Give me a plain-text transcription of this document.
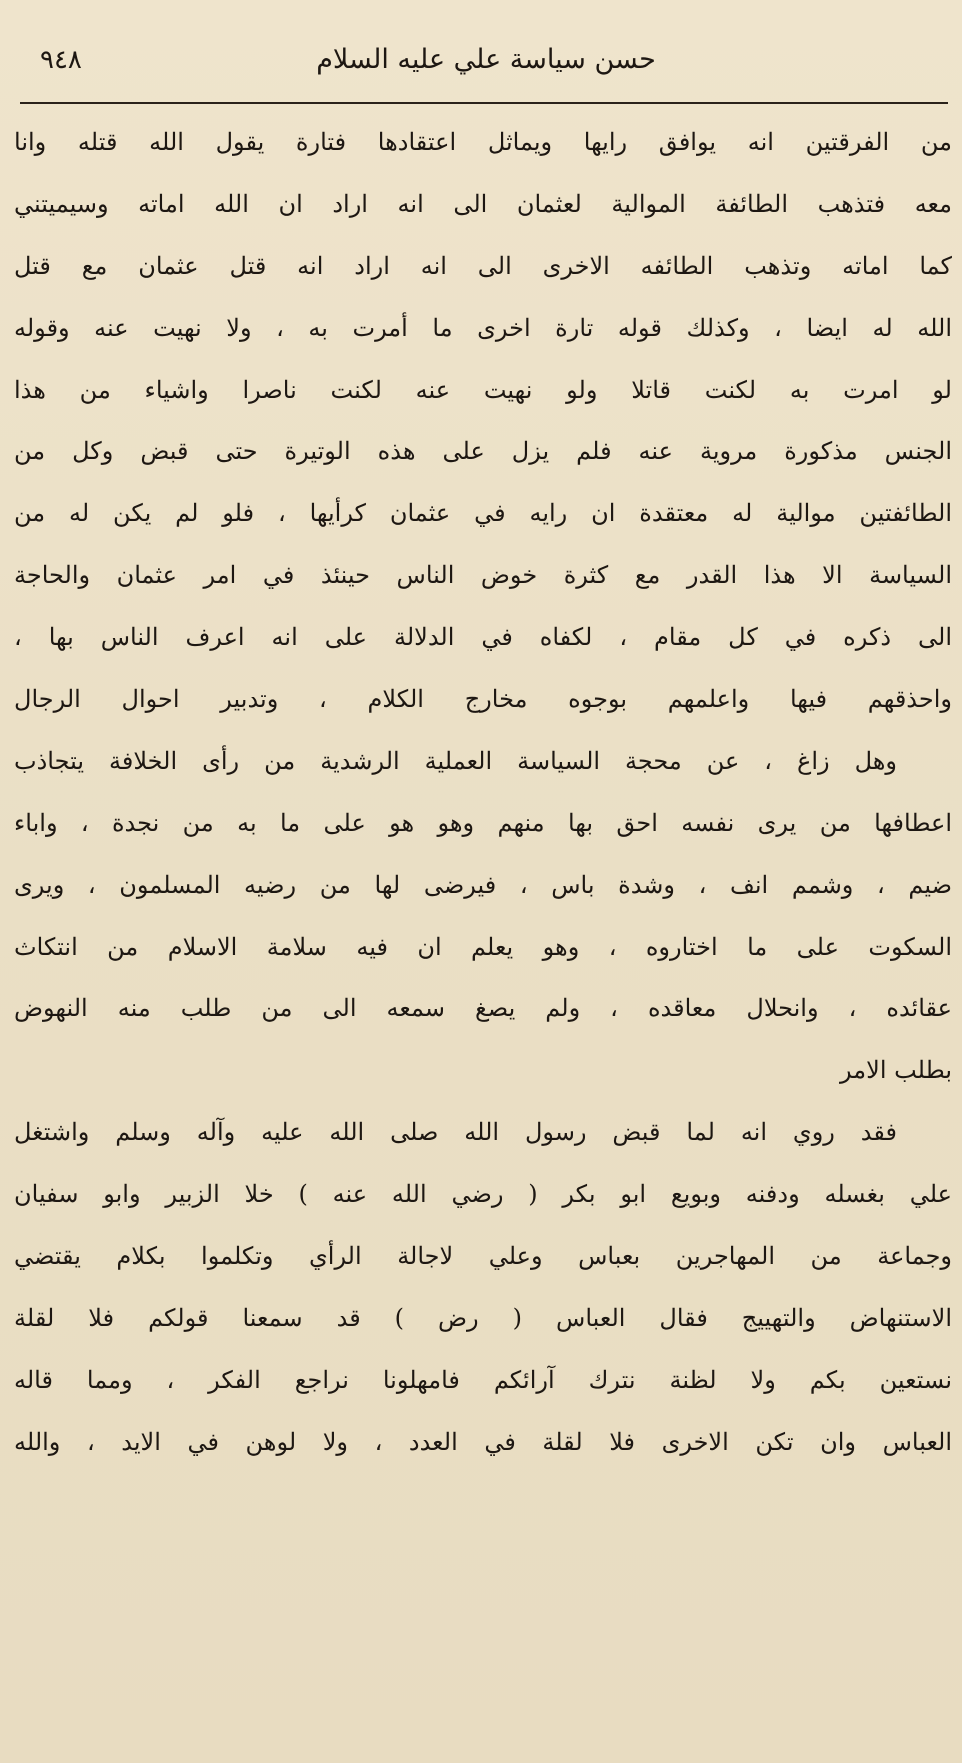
حسن سياسة علي عليه السلام
٩٤٨
من الفرقتين انه يوافق رايها ويماثل اعتقادها فتارة يقول الله قتله وانا
معه فتذهب الطائفة الموالية لعثمان الى انه اراد ان الله اماته وسيميتني
كما اماته وتذهب الطائفه الاخرى الى انه اراد انه قتل عثمان مع قتل
الله له ايضا ، وكذلك قوله تارة اخرى ما أمرت به ، ولا نهيت عنه وقوله
لو امرت به لكنت قاتلا ولو نهيت عنه لكنت ناصرا واشياء من هذا
الجنس مذكورة مروية عنه فلم يزل على هذه الوتيرة حتى قبض وكل من
الطائفتين موالية له معتقدة ان رايه في عثمان كرأيها ، فلو لم يكن له من
السياسة الا هذا القدر مع كثرة خوض الناس حينئذ في امر عثمان والحاجة
الى ذكره في كل مقام ، لكفاه في الدلالة على انه اعرف الناس بها ،
واحذقهم فيها واعلمهم بوجوه مخارج الكلام ، وتدبير احوال الرجال
وهل زاغ ، عن محجة السياسة العملية الرشدية من رأى الخلافة يتجاذب
اعطافها من يرى نفسه احق بها منهم وهو هو على ما به من نجدة ، واباء
ضيم ، وشمم انف ، وشدة باس ، فيرضى لها من رضيه المسلمون ، ويرى
السكوت على ما اختاروه ، وهو يعلم ان فيه سلامة الاسلام من انتكاث
عقائده ، وانحلال معاقده ، ولم يصغ سمعه الى من طلب منه النهوض
بطلب الامر
فقد روي انه لما قبض رسول الله صلى الله عليه وآله وسلم واشتغل
علي بغسله ودفنه وبويع ابو بكر ( رضي الله عنه ) خلا الزبير وابو سفيان
وجماعة من المهاجرين بعباس وعلي لاجالة الرأي وتكلموا بكلام يقتضي
الاستنهاض والتهييج فقال العباس ( رض ) قد سمعنا قولكم فلا لقلة
نستعين بكم ولا لظنة نترك آرائكم فامهلونا نراجع الفكر ، ومما قاله
العباس وان تكن الاخرى فلا لقلة في العدد ، ولا لوهن في الايد ، والله
